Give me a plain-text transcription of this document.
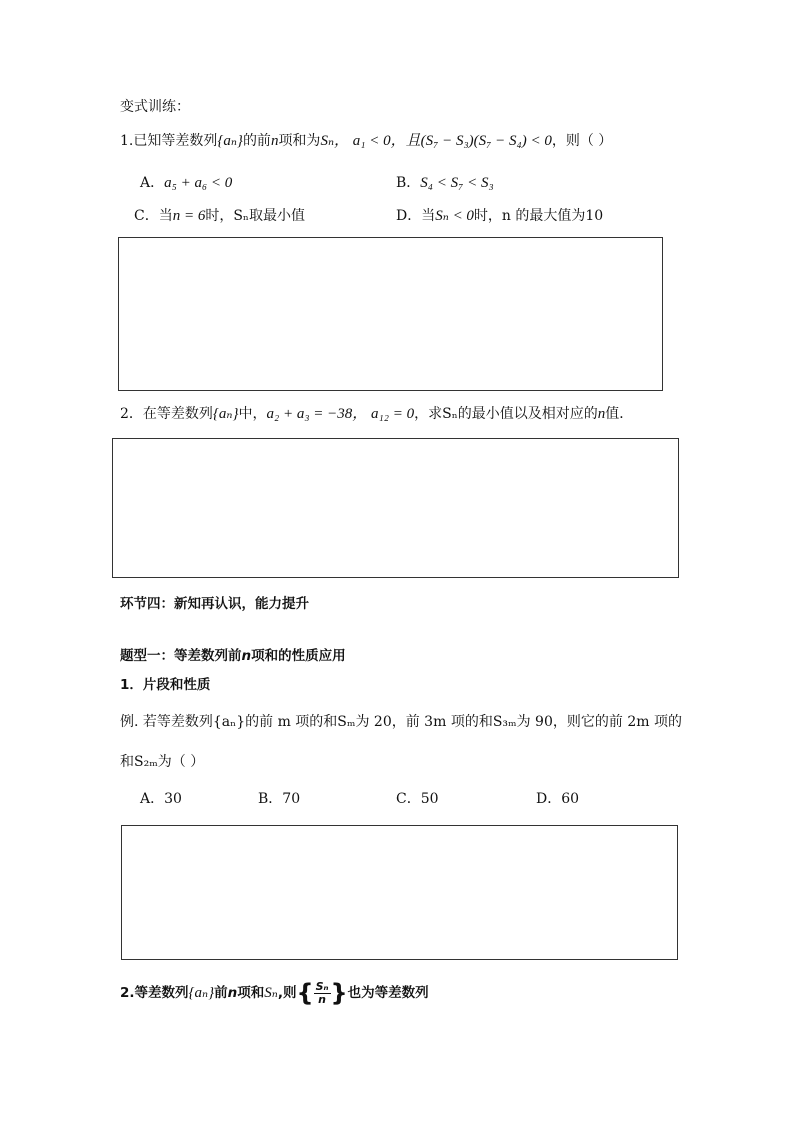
变式训练：
1.已知等差数列{aₙ}的前n项和为Sₙ， a₁ < 0，且(S₇ − S₃)(S₇ − S₄) < 0，则（ ）
A．a₅ + a₆ < 0	B．S₄ < S₇ < S₃
C．当n = 6时，Sₙ取最小值	D．当Sₙ < 0时，n 的最大值为10
2．在等差数列{aₙ}中，a₂ + a₃ = −38， a₁₂ = 0，求Sₙ的最小值以及相对应的n值．
环节四：新知再认识，能力提升
题型一：等差数列前n项和的性质应用
1．片段和性质
例. 若等差数列{aₙ}的前 m 项的和Sₘ为 20，前 3m 项的和S₃ₘ为 90，则它的前 2m 项的
和S₂ₘ为（ ）
A．30	B．70	C．50	D．60
2.等差数列{aₙ}前n项和Sₙ,则{ $\frac{\text{Sₙ}}{n}$ }也为等差数列
